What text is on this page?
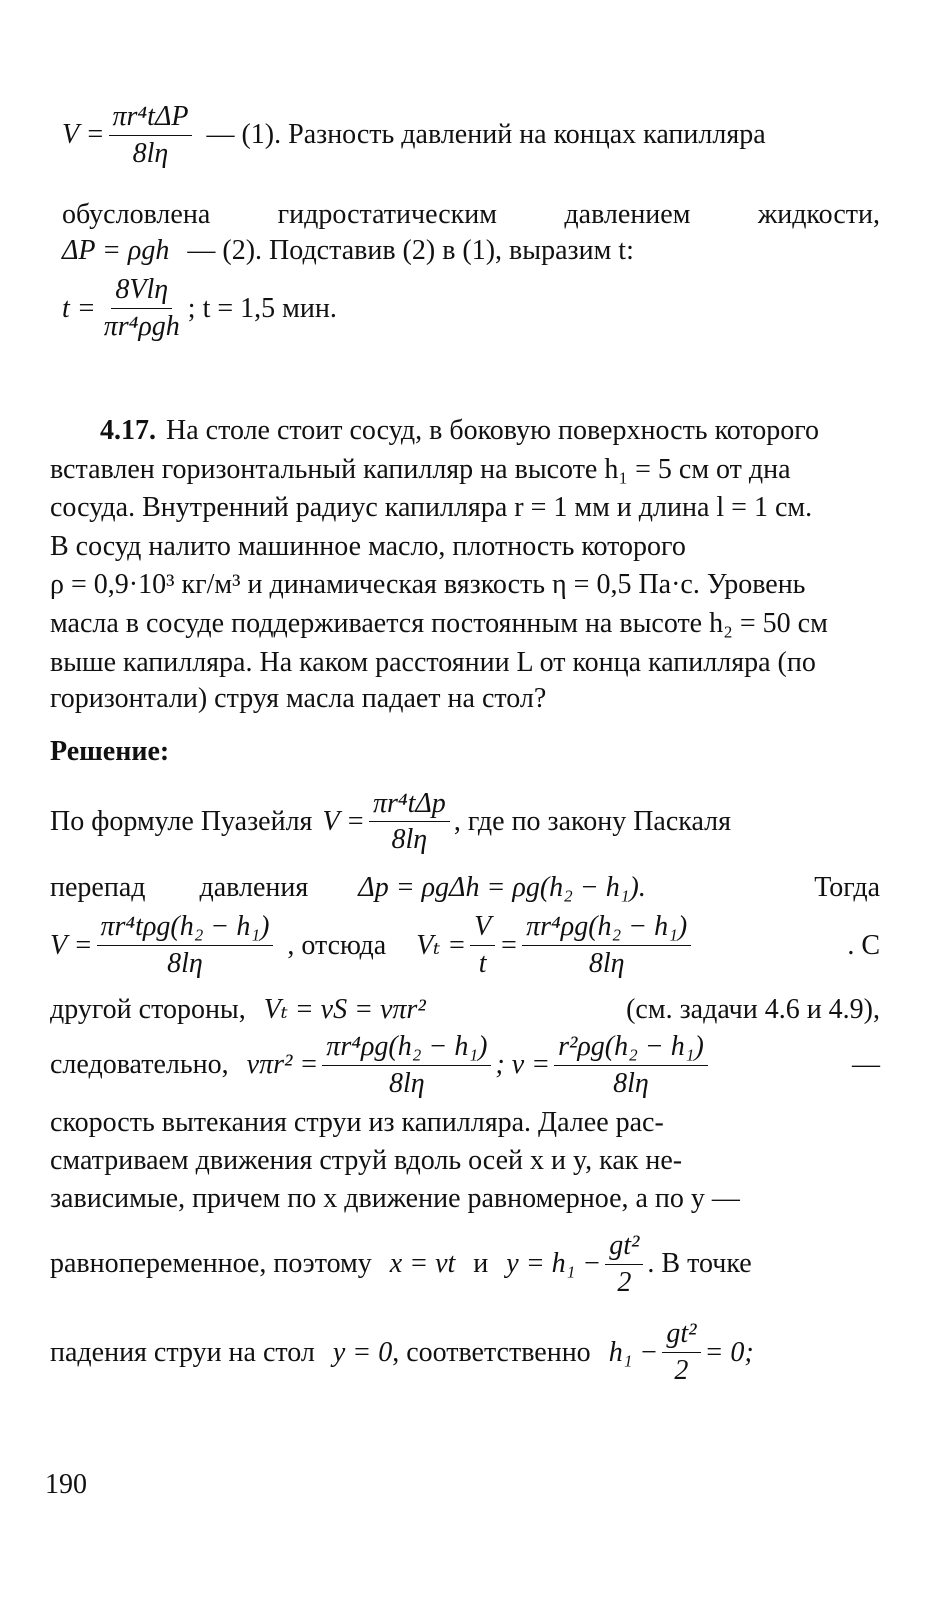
$V = \frac{\text{πr⁴tΔP}}{8l\eta}$ — (1). Разность давлений на концах капилляра
обусловлена гидростатическим давлением жидкости,
ΔP = ρgh — (2). Подставив (2) в (1), выразим t:
$t = \frac{\text{8Vlη}}{\text{πr⁴ρgh}}$ ; t = 1,5 мин.
4.17. На столе стоит сосуд, в боковую поверхность которого
вставлен горизонтальный капилляр на высоте h₁ = 5 см от дна
сосуда. Внутренний радиус капилляра r = 1 мм и длина l = 1 см.
В сосуд налито машинное масло, плотность которого
ρ = 0,9·10³ кг/м³ и динамическая вязкость η = 0,5 Па·с. Уровень
масла в сосуде поддерживается постоянным на высоте h₂ = 50 см
выше капилляра. На каком расстоянии L от конца капилляра (по
горизонтали) струя масла падает на стол?
Решение:
По формуле Пуазейля $V = \frac{\text{πr⁴tΔp}}{8l\eta}$ , где по закону Паскаля
перепад давления Δp = ρgΔh = ρg(h₂ − h₁).	Тогда
$V = \frac{\text{πr⁴tρg(h₂ − h₁)}}{8l\eta}$ , отсюда $V_t = \frac{V}{t} = \frac{\text{πr⁴ρg(h₂ − h₁)}}{8l\eta}$	. С
другой стороны, Vₜ = vS = vπr²	(см. задачи 4.6 и 4.9),
следовательно, $v\pi r^2 = \frac{\text{πr⁴ρg(h₂ − h₁)}}{8l\eta}$ ; $v = \frac{\text{r²ρg(h₂ − h₁)}}{8l\eta}$	—
скорость вытекания струи из капилляра. Далее рас-
сматриваем движения струй вдоль осей x и y, как не-
зависимые, причем по x движение равномерное, а по y —
равнопеременное, поэтому x = vt и $y = h_1 - \frac{\text{gt²}}{2}$ . В точке
падения струи на стол y = 0 , соответственно $h_1 - \frac{\text{gt²}}{2} = 0$;
190
